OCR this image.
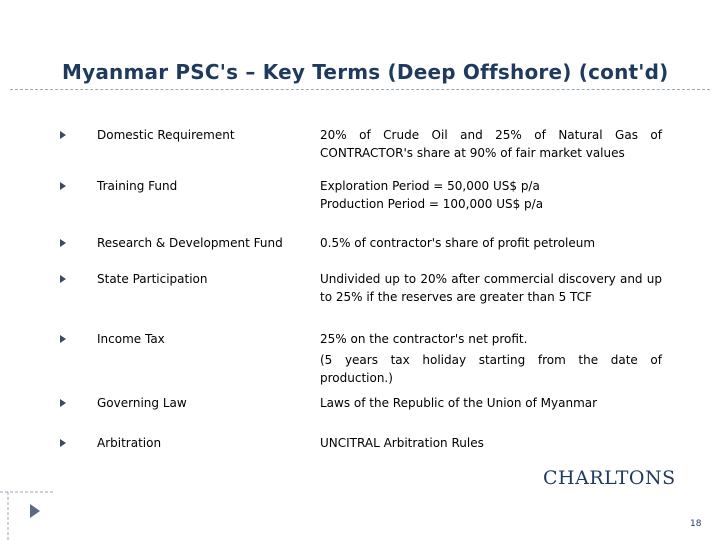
Myanmar PSC's – Key Terms (Deep Offshore) (cont'd)
Domestic Requirement	20% of Crude Oil and 25% of Natural Gas of CONTRACTOR's share at 90% of fair market values

Training Fund	Exploration Period = 50,000 US$ p/a

Production Period = 100,000 US$ p/a

Research & Development Fund	0.5% of contractor's share of profit petroleum

State Participation	Undivided up to 20% after commercial discovery and up to 25% if the reserves are greater than 5 TCF

Income Tax	25% on the contractor's net profit.

(5 years tax holiday starting from the date of production.)

Governing Law	Laws of the Republic of the Union of Myanmar

Arbitration	UNCITRAL Arbitration Rules

CHARLTONS
18
